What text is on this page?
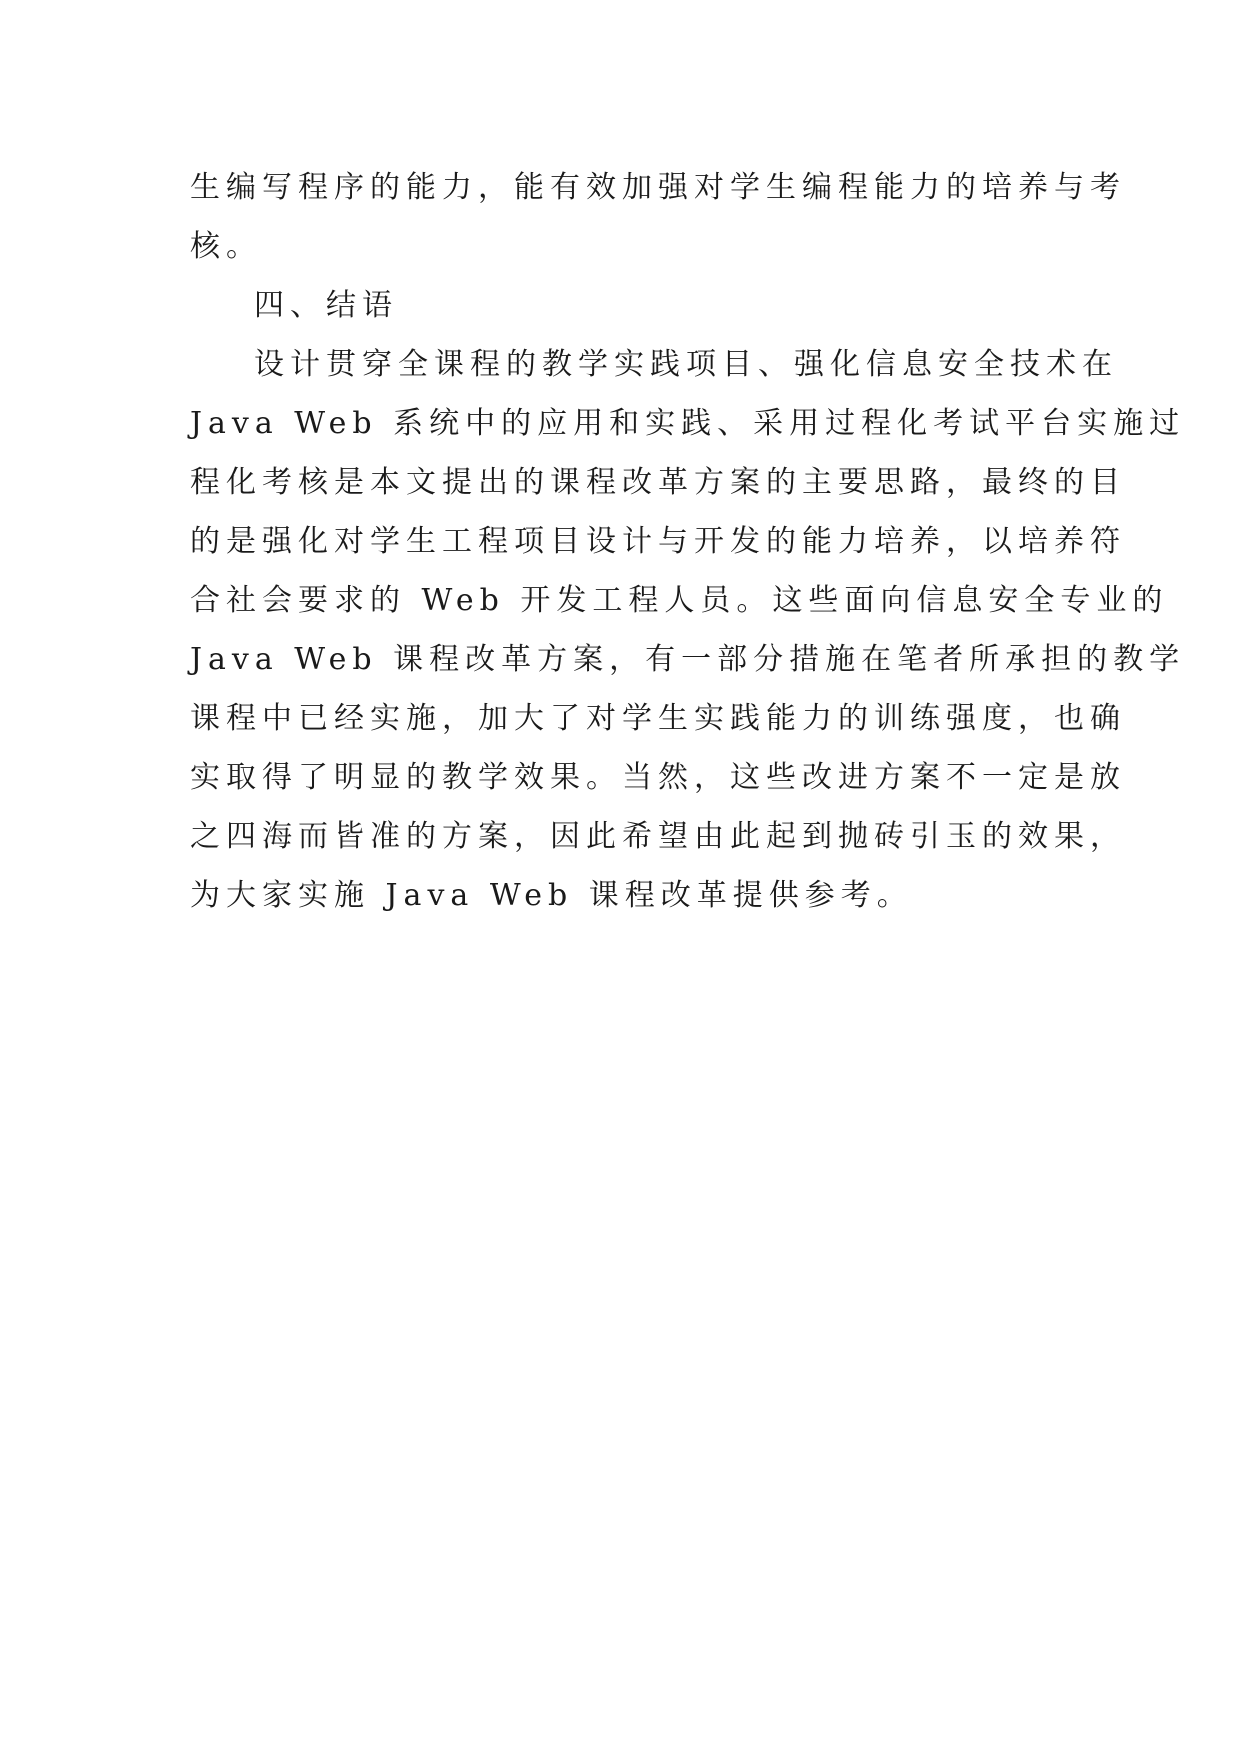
生编写程序的能力，能有效加强对学生编程能力的培养与考
核。
四、结语
设计贯穿全课程的教学实践项目、强化信息安全技术在
Java Web 系统中的应用和实践、采用过程化考试平台实施过
程化考核是本文提出的课程改革方案的主要思路，最终的目
的是强化对学生工程项目设计与开发的能力培养，以培养符
合社会要求的 Web 开发工程人员。这些面向信息安全专业的
Java Web 课程改革方案，有一部分措施在笔者所承担的教学
课程中已经实施，加大了对学生实践能力的训练强度，也确
实取得了明显的教学效果。当然，这些改进方案不一定是放
之四海而皆准的方案，因此希望由此起到抛砖引玉的效果，
为大家实施 Java Web 课程改革提供参考。
